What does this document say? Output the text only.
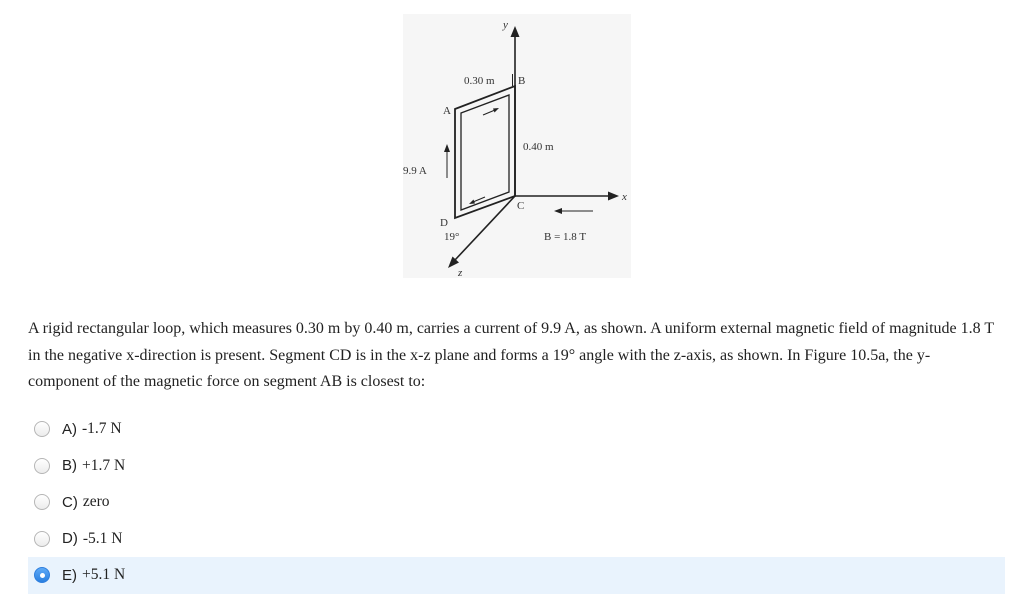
y
x
z
A
B
C
D
0.30 m
0.40 m
9.9 A
19°	B = 1.8 T
A rigid rectangular loop, which measures 0.30 m by 0.40 m, carries a current of 9.9 A, as shown. A uniform external magnetic field of magnitude 1.8 T in the negative x-direction is present. Segment CD is in the x-z plane and forms a 19° angle with the z-axis, as shown. In Figure 10.5a, the y-component of the magnetic force on segment AB is closest to:
A) -1.7 N
B) +1.7 N
C) zero
D) -5.1 N
E) +5.1 N
